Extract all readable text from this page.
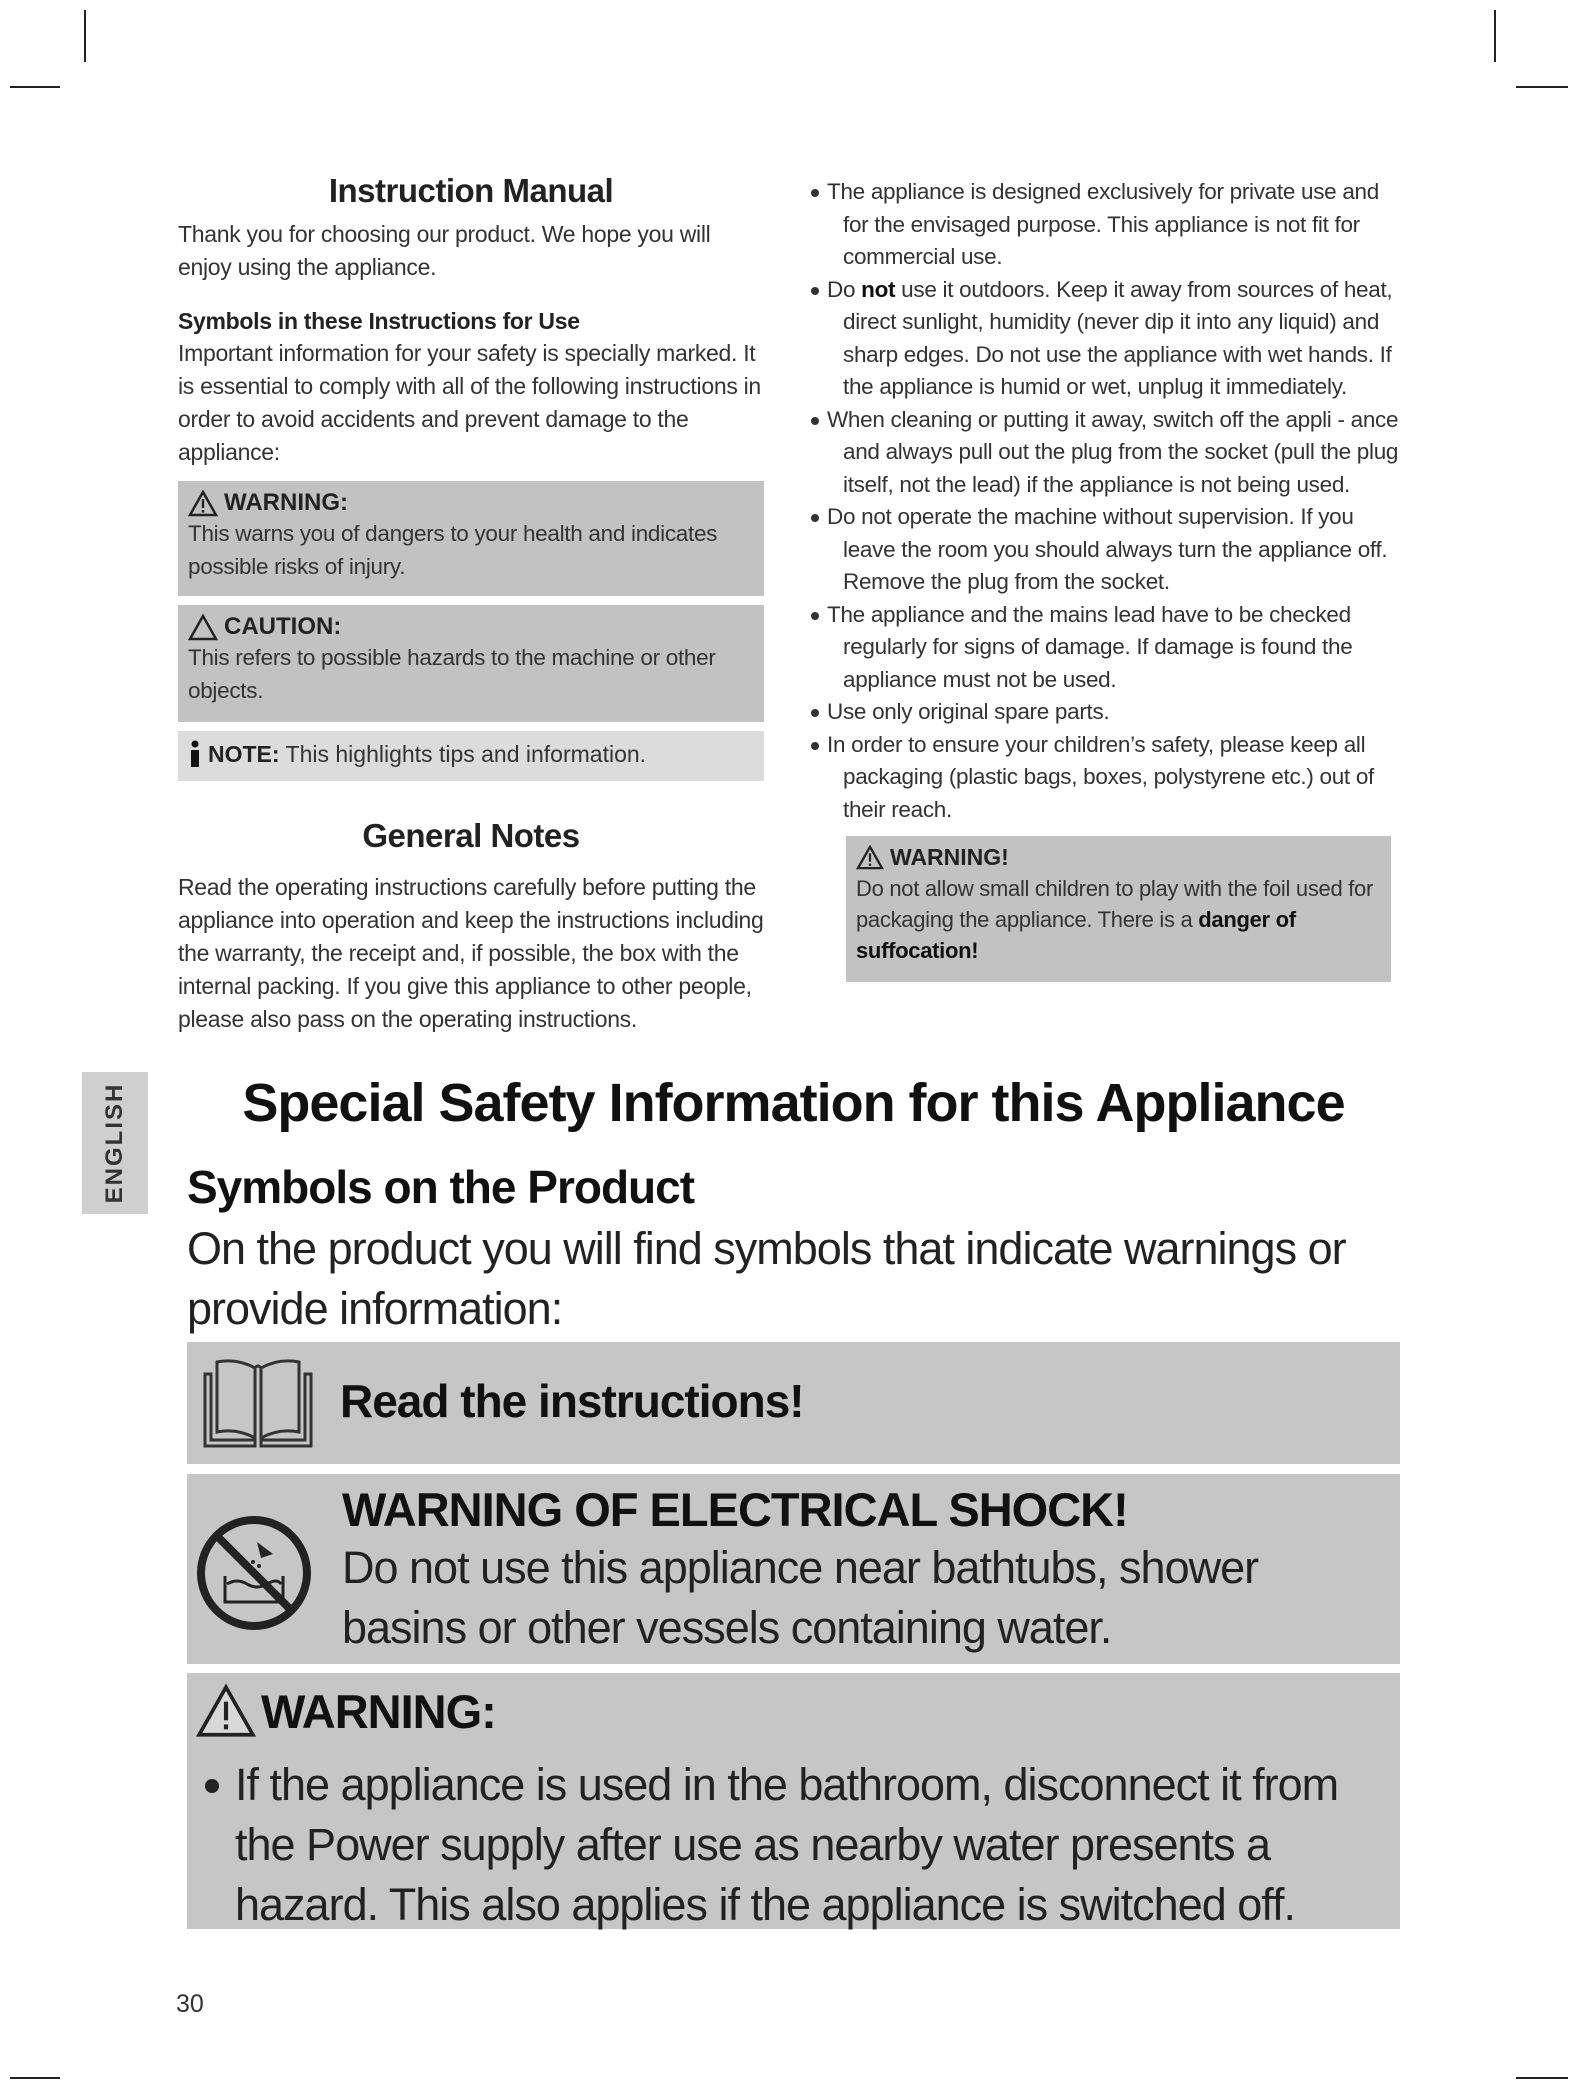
Instruction Manual

Thank you for choosing our product. We hope you will enjoy using the appliance.

Symbols in these Instructions for Use

Important information for your safety is specially marked. It is essential to comply with all of the following instructions in order to avoid accidents and prevent damage to the appliance:

WARNING:
This warns you of dangers to your health and indicates possible risks of injury.
CAUTION:
This refers to possible hazards to the machine or other objects.
NOTE: This highlights tips and information.
General Notes

Read the operating instructions carefully before putting the appliance into operation and keep the instructions including the warranty, the receipt and, if possible, the box with the internal packing. If you give this appliance to other people, please also pass on the operating instructions.

The appliance is designed exclusively for private use and for the envisaged purpose. This appliance is not fit for commercial use.
Do not use it outdoors. Keep it away from sources of heat, direct sunlight, humidity (never dip it into any liquid) and sharp edges. Do not use the appliance with wet hands. If the appliance is humid or wet, unplug it immediately.
When cleaning or putting it away, switch off the appli - ance and always pull out the plug from the socket (pull the plug itself, not the lead) if the appliance is not being used.
Do not operate the machine without supervision. If you leave the room you should always turn the appliance off. Remove the plug from the socket.
The appliance and the mains lead have to be checked regularly for signs of damage. If damage is found the appliance must not be used.
Use only original spare parts.
In order to ensure your children’s safety, please keep all packaging (plastic bags, boxes, polystyrene etc.) out of their reach.
WARNING!
Do not allow small children to play with the foil used for packaging the appliance. There is a danger of suffocation!
ENGLISH	Special Safety Information for this Appliance
Symbols on the Product
On the product you will find symbols that indicate warnings or provide information:
Read the instructions!
WARNING OF ELECTRICAL SHOCK!
Do not use this appliance near bathtubs, shower basins or other vessels containing water.
WARNING:
If the appliance is used in the bathroom, disconnect it from the Power supply after use as nearby water presents a hazard. This also applies if the appliance is switched off.
30
